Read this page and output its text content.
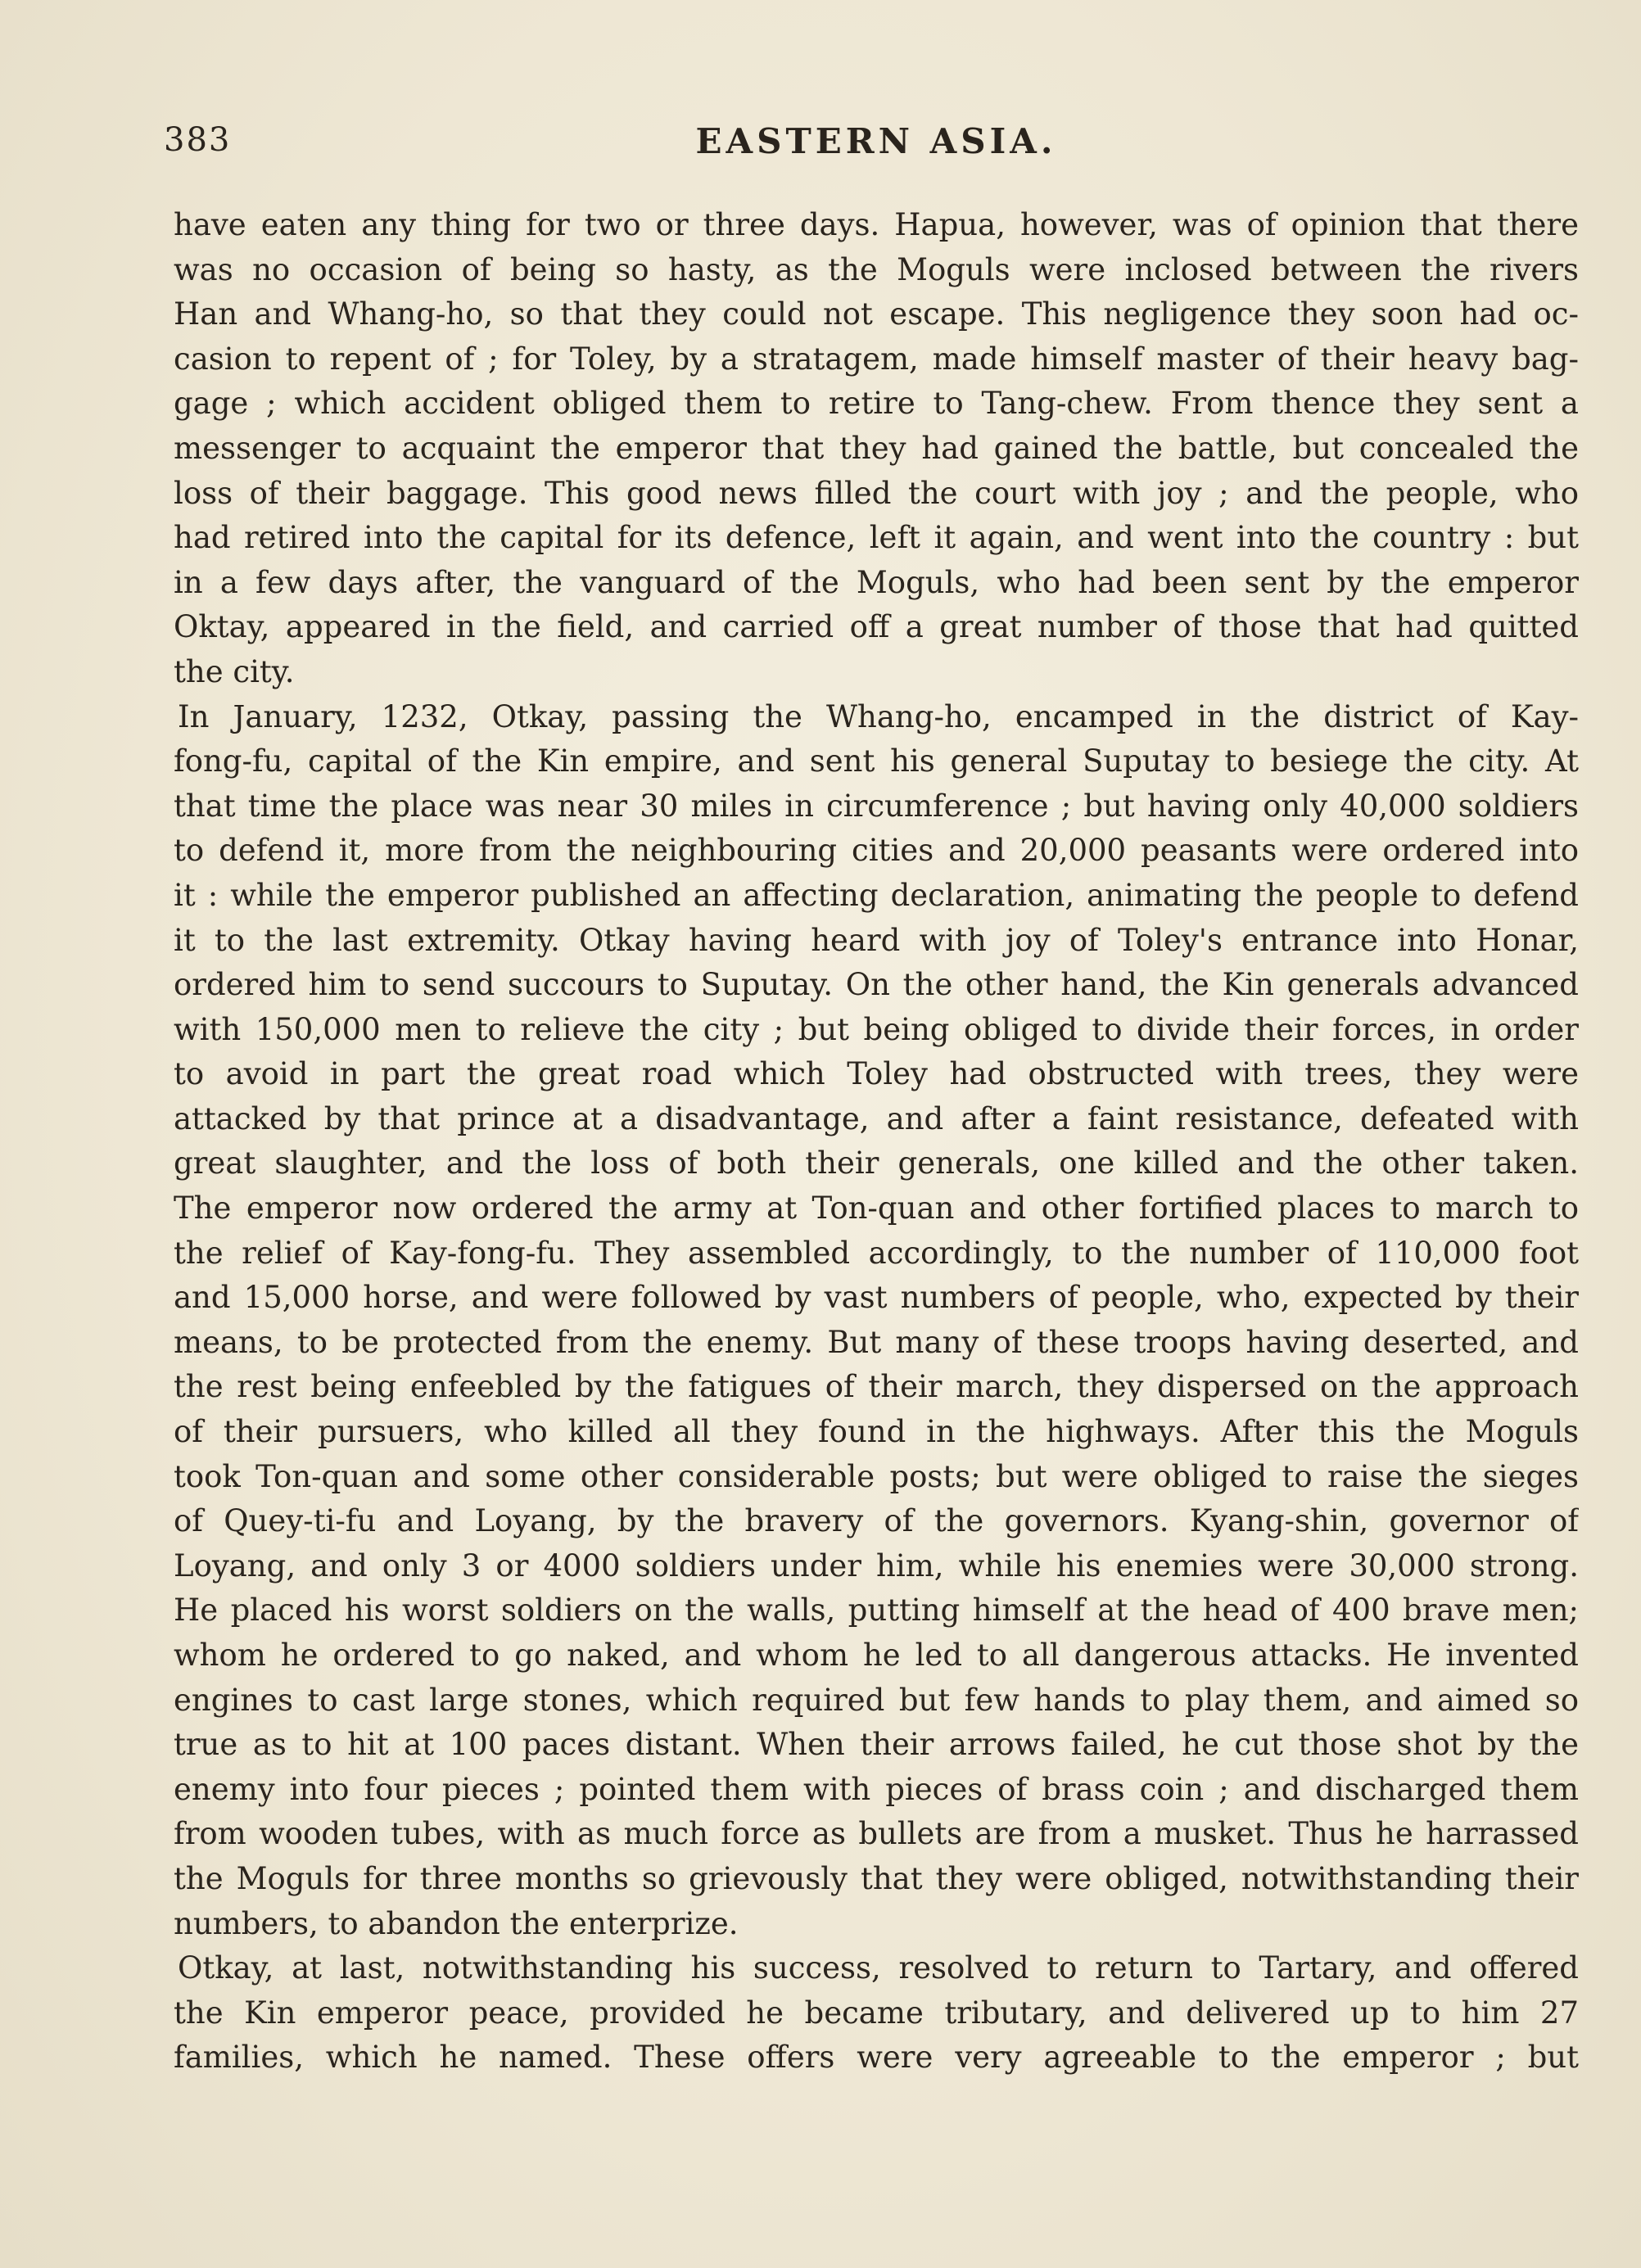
383	EASTERN ASIA.
have eaten any thing for two or three days. Hapua, however, was of opinion that there
was no occasion of being so hasty, as the Moguls were inclosed between the rivers
Han and Whang-ho, so that they could not escape. This negligence they soon had oc-
casion to repent of ; for Toley, by a stratagem, made himself master of their heavy bag-
gage ; which accident obliged them to retire to Tang-chew. From thence they sent a
messenger to acquaint the emperor that they had gained the battle, but concealed the
loss of their baggage. This good news filled the court with joy ; and the people, who
had retired into the capital for its defence, left it again, and went into the country : but
in a few days after, the vanguard of the Moguls, who had been sent by the emperor
Oktay, appeared in the field, and carried off a great number of those that had quitted
the city.
In January, 1232, Otkay, passing the Whang-ho, encamped in the district of Kay-
fong-fu, capital of the Kin empire, and sent his general Suputay to besiege the city. At
that time the place was near 30 miles in circumference ; but having only 40,000 soldiers
to defend it, more from the neighbouring cities and 20,000 peasants were ordered into
it : while the emperor published an affecting declaration, animating the people to defend
it to the last extremity. Otkay having heard with joy of Toley's entrance into Honar,
ordered him to send succours to Suputay. On the other hand, the Kin generals advanced
with 150,000 men to relieve the city ; but being obliged to divide their forces, in order
to avoid in part the great road which Toley had obstructed with trees, they were
attacked by that prince at a disadvantage, and after a faint resistance, defeated with
great slaughter, and the loss of both their generals, one killed and the other taken.
The emperor now ordered the army at Ton-quan and other fortified places to march to
the relief of Kay-fong-fu. They assembled accordingly, to the number of 110,000 foot
and 15,000 horse, and were followed by vast numbers of people, who, expected by their
means, to be protected from the enemy. But many of these troops having deserted, and
the rest being enfeebled by the fatigues of their march, they dispersed on the approach
of their pursuers, who killed all they found in the highways. After this the Moguls
took Ton-quan and some other considerable posts; but were obliged to raise the sieges
of Quey-ti-fu and Loyang, by the bravery of the governors. Kyang-shin, governor of
Loyang, and only 3 or 4000 soldiers under him, while his enemies were 30,000 strong.
He placed his worst soldiers on the walls, putting himself at the head of 400 brave men;
whom he ordered to go naked, and whom he led to all dangerous attacks. He invented
engines to cast large stones, which required but few hands to play them, and aimed so
true as to hit at 100 paces distant. When their arrows failed, he cut those shot by the
enemy into four pieces ; pointed them with pieces of brass coin ; and discharged them
from wooden tubes, with as much force as bullets are from a musket. Thus he harrassed
the Moguls for three months so grievously that they were obliged, notwithstanding their
numbers, to abandon the enterprize.
Otkay, at last, notwithstanding his success, resolved to return to Tartary, and offered
the Kin emperor peace, provided he became tributary, and delivered up to him 27
families, which he named. These offers were very agreeable to the emperor ; but
